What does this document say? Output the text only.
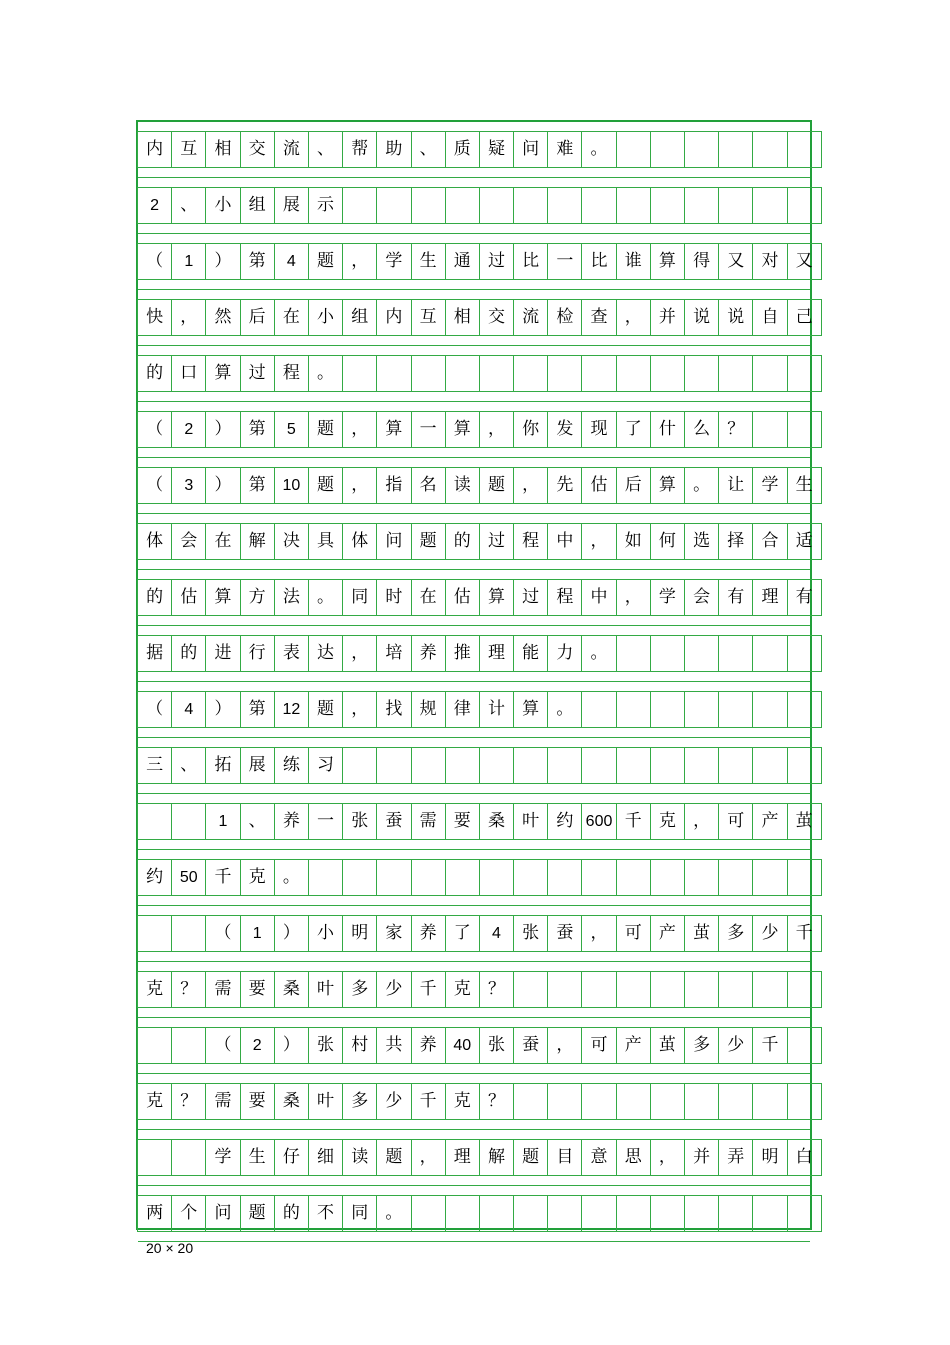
内	互	相	交	流	、	帮	助	、	质	疑	问	难	。
2	、	小	组	展	示
（	1	）	第	4	题	，	学	生	通	过	比	一	比	谁	算	得	又	对	又
快	，	然	后	在	小	组	内	互	相	交	流	检	查	，	并	说	说	自	己
的	口	算	过	程	。
（	2	）	第	5	题	，	算	一	算	，	你	发	现	了	什	么	？
（	3	）	第	10 题	，	指	名	读	题	，	先	估	后	算	。	让	学	生
体	会	在	解	决	具	体	问	题	的	过	程	中	，	如	何	选	择	合	适
的	估	算	方	法	。	同	时	在	估	算	过	程	中	，	学	会	有	理	有
据	的	进	行	表	达	，	培	养	推	理	能	力	。
（	4	）	第	12 题	，	找	规	律	计	算	。
三	、	拓	展	练	习
1	、	养	一	张	蚕	需	要	桑	叶	约 600 千	克	，	可	产	茧
约	50 千	克	。
（	1	）	小	明	家	养	了	4	张	蚕	，	可	产	茧	多	少	千
克	？	需	要	桑	叶	多	少	千	克	？
（	2	）	张	村	共	养	40 张	蚕	，	可	产	茧	多	少	千
克	？	需	要	桑	叶	多	少	千	克	？
学	生	仔	细	读	题	，	理	解	题	目	意	思	，	并	弄	明	白
两	个	问	题	的	不	同	。
20 × 20
